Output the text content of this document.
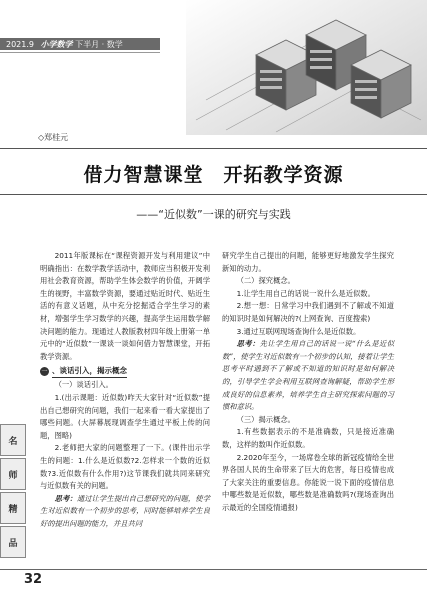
2021.9 小学数学 下半月 · 数学
◇郑桂元
借力智慧课堂　开拓教学资源
——“近似数”一课的研究与实践

2011年版课标在“课程资源开发与利用建议”中明确指出：在数学教学活动中，教师应当积极开发利用社会教育资源，帮助学生体会数学的价值，开阔学生的视野，丰富数学资源，要通过贴近时代、贴近生活的有意义话题，从中充分挖掘适合学生学习的素材，增强学生学习数学的兴趣，提高学生运用数学解决问题的能力。现通过人教版教材四年级上册第一单元中的“近似数”一课谈一谈如何借力智慧课堂，开拓教学资源。

一 、谈话引入，揭示概念

（一）谈话引入。

1.(出示课题：近似数)昨天大家针对“近似数”提出自己想研究的问题，我们一起来看一看大家提出了哪些问题。(大屏幕展现调查学生通过平板上传的问题，图略)

2.老师把大家的问题整理了一下。(课件出示学生的问题：1.什么是近似数?2.怎样求一个数的近似数?3.近似数有什么作用?)这节课我们就共同来研究与近似数有关的问题。

思考：通过让学生提出自己想研究的问题，使学生对近似数有一个初步的思考，同时能够培养学生良好的提出问题的能力，并且共同

研究学生自己提出的问题，能够更好地激发学生探究新知的动力。

（二）探究概念。

1.让学生用自己的话说一说什么是近似数。

2.想一想：日常学习中我们遇到不了解或不知道的知识时是如何解决的?(上网查询、百度搜索)

3.通过互联网现场查询什么是近似数。

思考：先让学生用自己的话说一说“什么是近似数”，使学生对近似数有一个初步的认知，接着让学生思考平时遇到不了解或不知道的知识时是如何解决的，引导学生学会利用互联网查询解疑，帮助学生形成良好的信息素养，培养学生自主研究探索问题的习惯和意识。

（三）揭示概念。

1.有些数据表示的不是准确数，只是接近准确数，这样的数叫作近似数。

2.2020年至今，一场席卷全球的新冠疫情给全世界各国人民的生命带来了巨大的危害，每日疫情也成了大家关注的重要信息。你能说一说下面的疫情信息中哪些数是近似数，哪些数是准确数吗?(现场查询出示最近的全国疫情通报)

名
师
精
品
32
